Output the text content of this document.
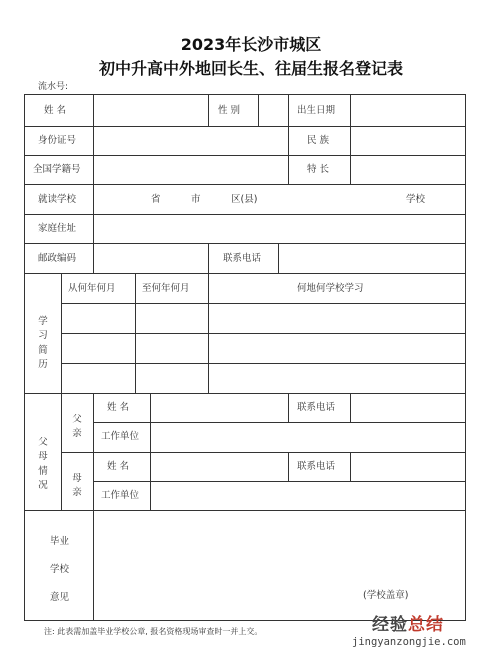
2023年长沙市城区
初中升高中外地回长生、往届生报名登记表
流水号:
姓 名	性 别	出生日期
身份证号	民 族
全国学籍号	特 长
就读学校	省	市	区(县)	学校
家庭住址
邮政编码	联系电话
学习简历
从何年何月	至何年何月	何地何学校学习
父母情况
父亲
姓 名	联系电话
工作单位
母亲
姓 名	联系电话
工作单位
毕业
学校
意见	(学校盖章)
注: 此表需加盖毕业学校公章, 报名资格现场审查时一并上交。	经验总结
jingyanzongjie.com
